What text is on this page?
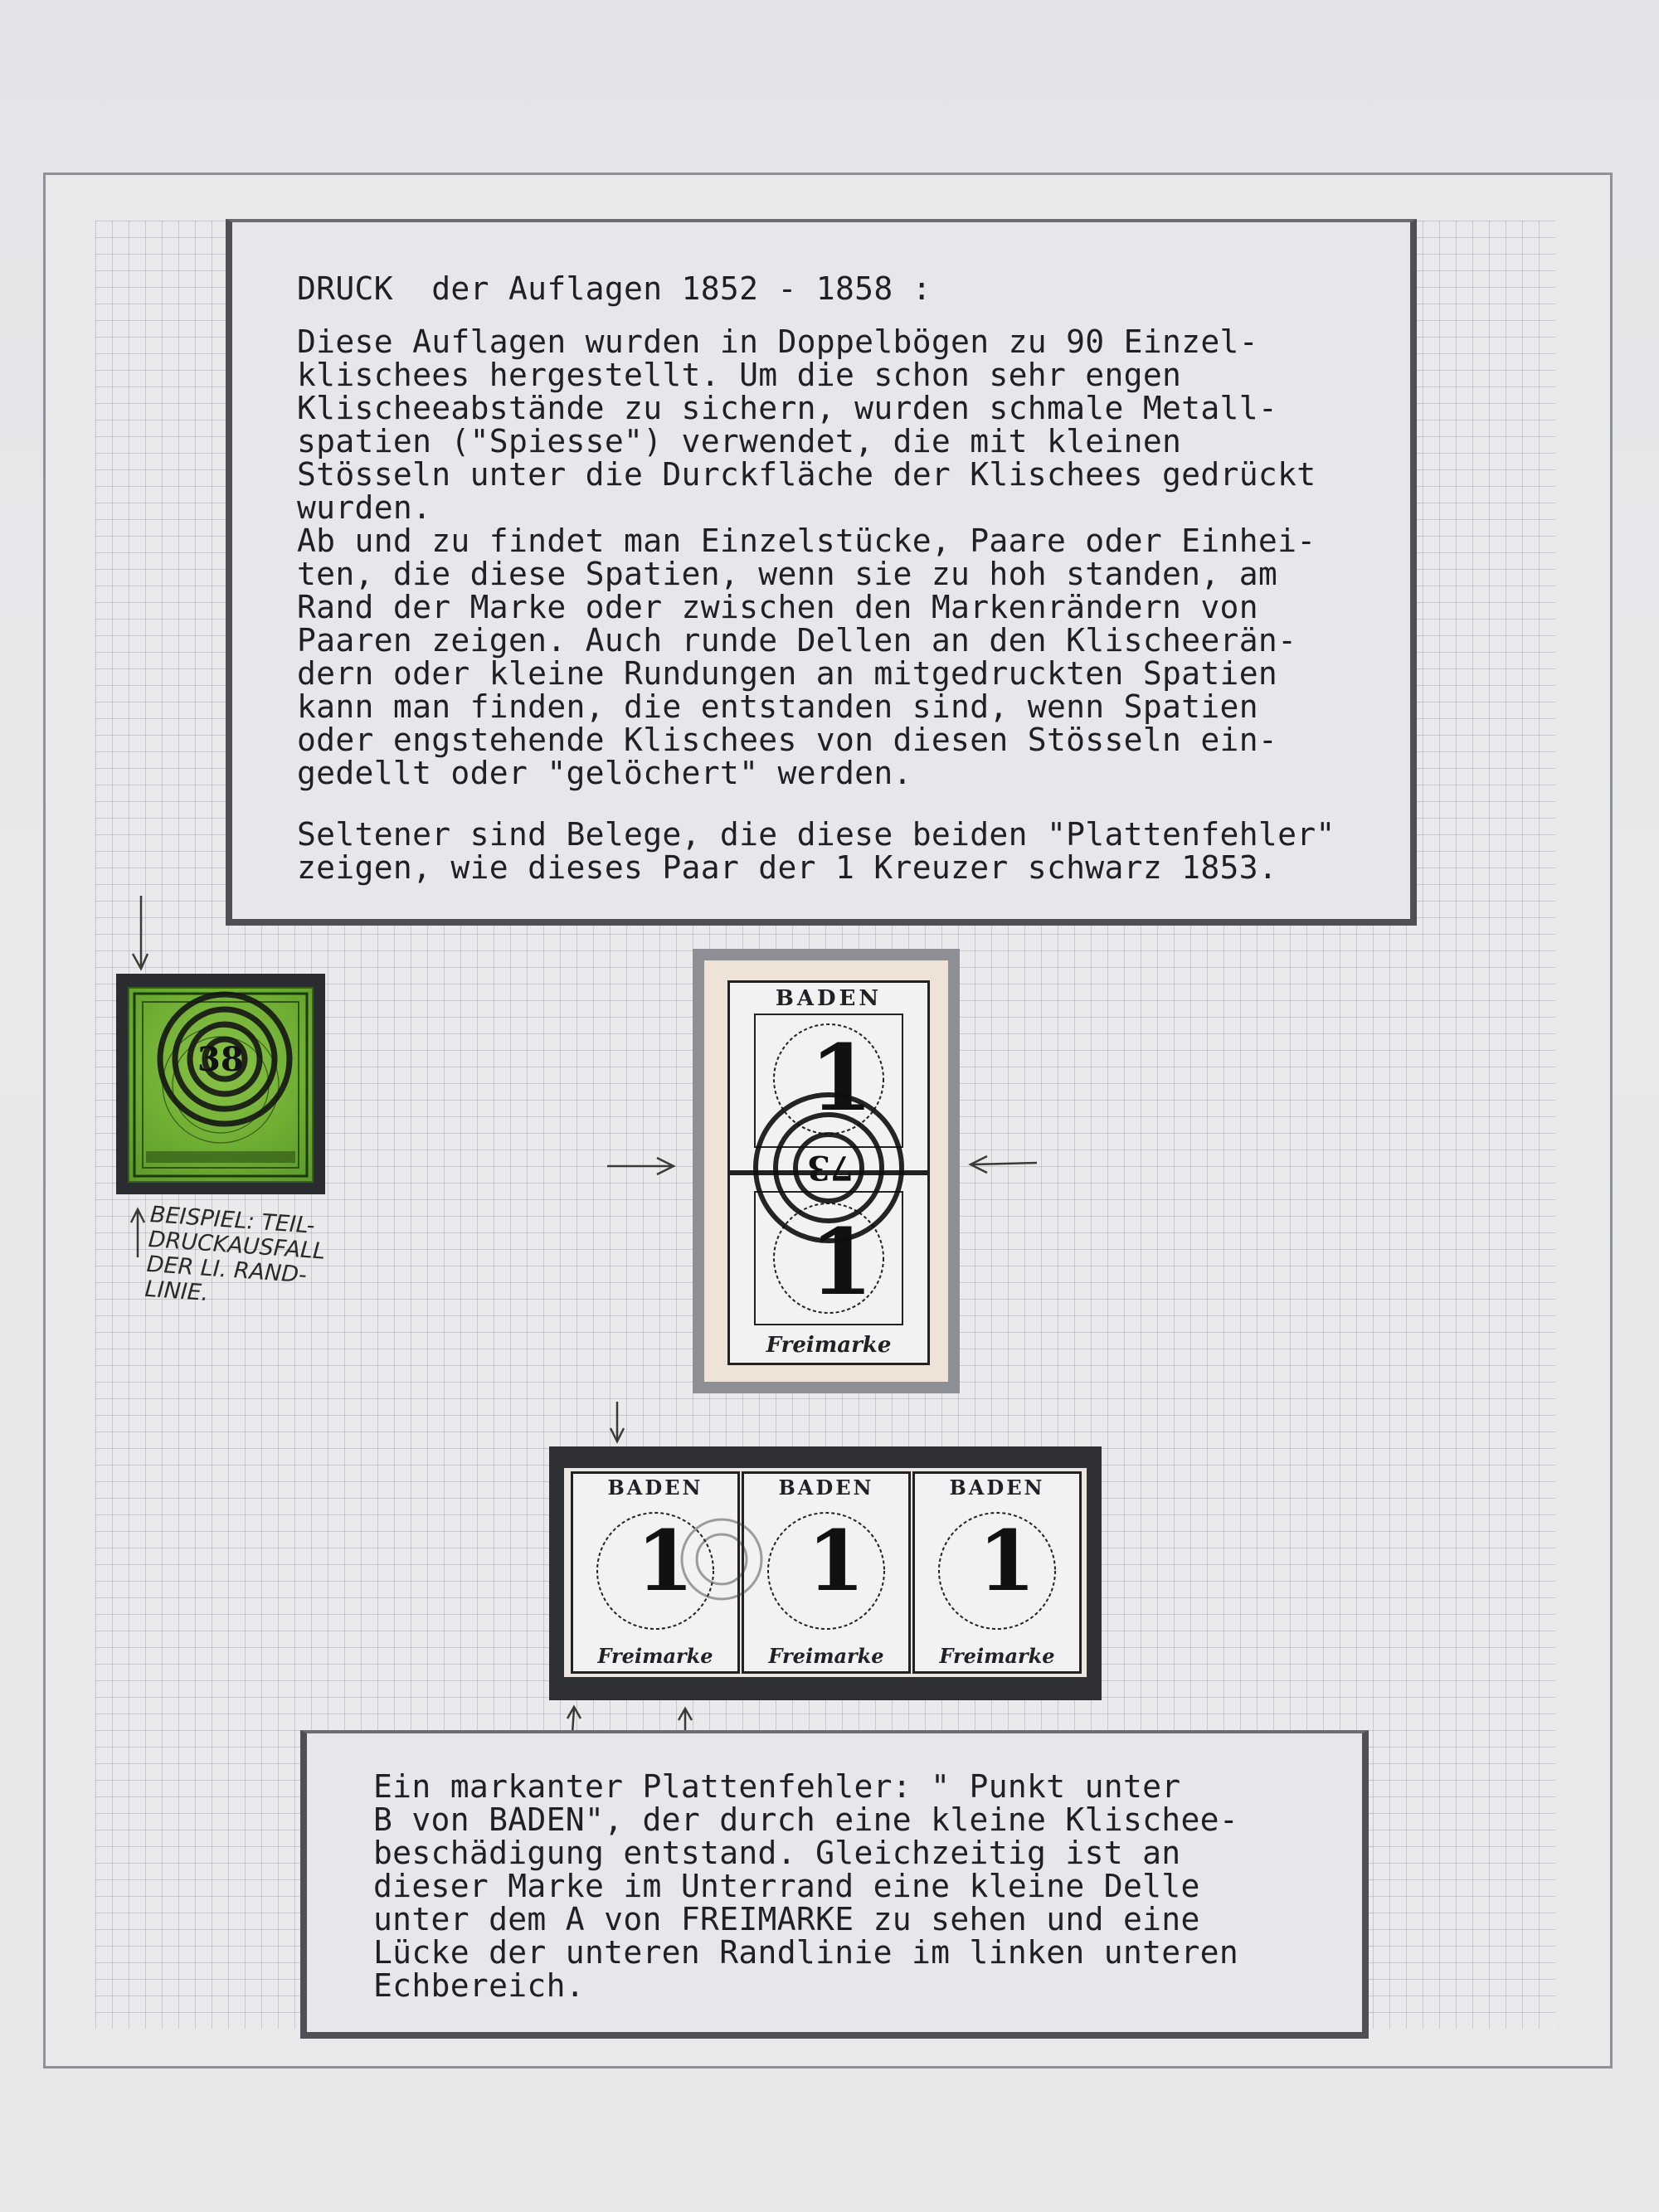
DRUCK  der Auflagen 1852 - 1858 :
Diese Auflagen wurden in Doppelbögen zu 90 Einzel-
klischees hergestellt. Um die schon sehr engen
Klischeeabstände zu sichern, wurden schmale Metall-
spatien ("Spiesse") verwendet, die mit kleinen
Stösseln unter die Durckfläche der Klischees gedrückt
wurden.
Ab und zu findet man Einzelstücke, Paare oder Einhei-
ten, die diese Spatien, wenn sie zu hoh standen, am
Rand der Marke oder zwischen den Markenrändern von
Paaren zeigen. Auch runde Dellen an den Klischeerän-
dern oder kleine Rundungen an mitgedruckten Spatien
kann man finden, die entstanden sind, wenn Spatien
oder engstehende Klischees von diesen Stösseln ein-
gedellt oder "gelöchert" werden.
Seltener sind Belege, die diese beiden "Plattenfehler"
zeigen, wie dieses Paar der 1 Kreuzer schwarz 1853.
38
BADEN
1
1
Freimarke
73
BADEN
1
Freimarke
BADEN
1
Freimarke
BADEN
1
Freimarke
BEISPIEL: TEIL-
DRUCKAUSFALL
DER LI. RAND-
LINIE.
Ein markanter Plattenfehler: " Punkt unter
B von BADEN", der durch eine kleine Klischee-
beschädigung entstand. Gleichzeitig ist an
dieser Marke im Unterrand eine kleine Delle
unter dem A von FREIMARKE zu sehen und eine
Lücke der unteren Randlinie im linken unteren
Echbereich.
